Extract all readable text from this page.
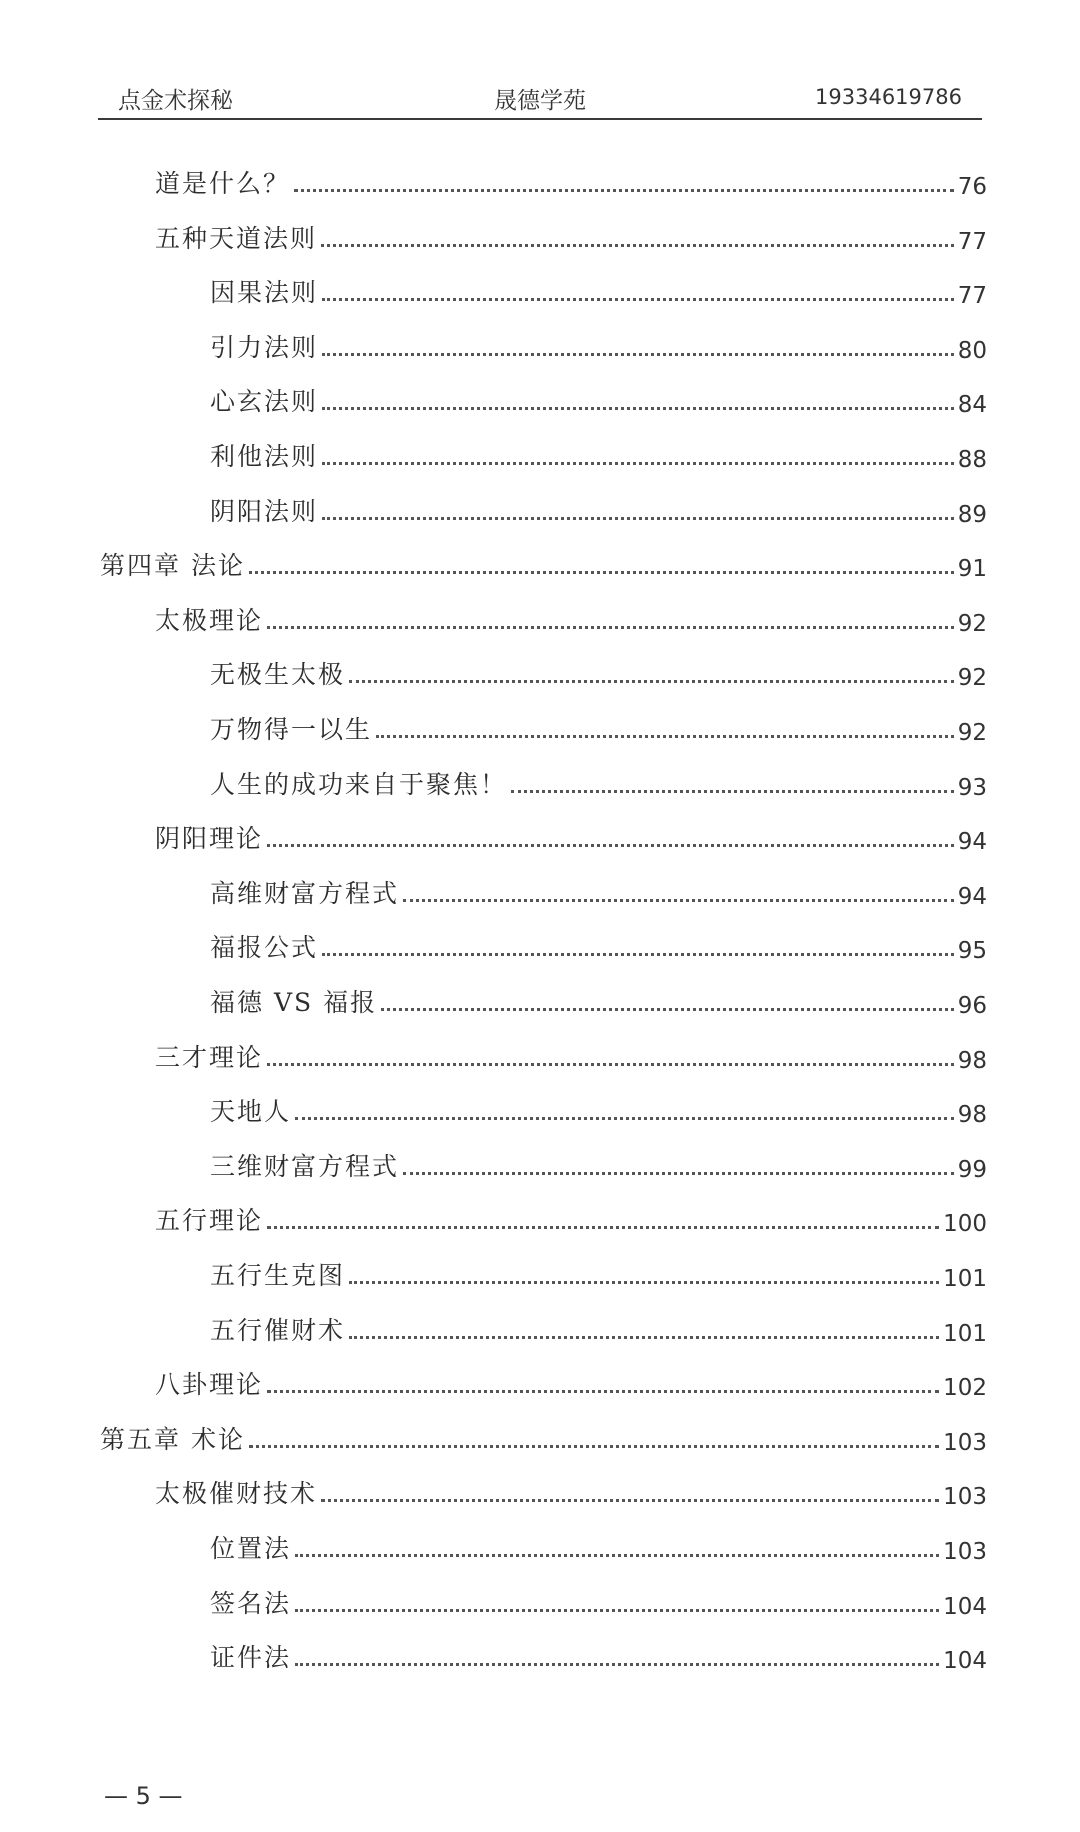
点金术探秘	晟德学苑	19334619786
道是什么？	76
五种天道法则	77
因果法则	77
引力法则	80
心玄法则	84
利他法则	88
阴阳法则	89
第四章 法论	91
太极理论	92
无极生太极	92
万物得一以生	92
人生的成功来自于聚焦！	93
阴阳理论	94
高维财富方程式	94
福报公式	95
福德 VS 福报	96
三才理论	98
天地人	98
三维财富方程式	99
五行理论	100
五行生克图	101
五行催财术	101
八卦理论	102
第五章 术论	103
太极催财技术	103
位置法	103
签名法	104
证件法	104
— 5 —
